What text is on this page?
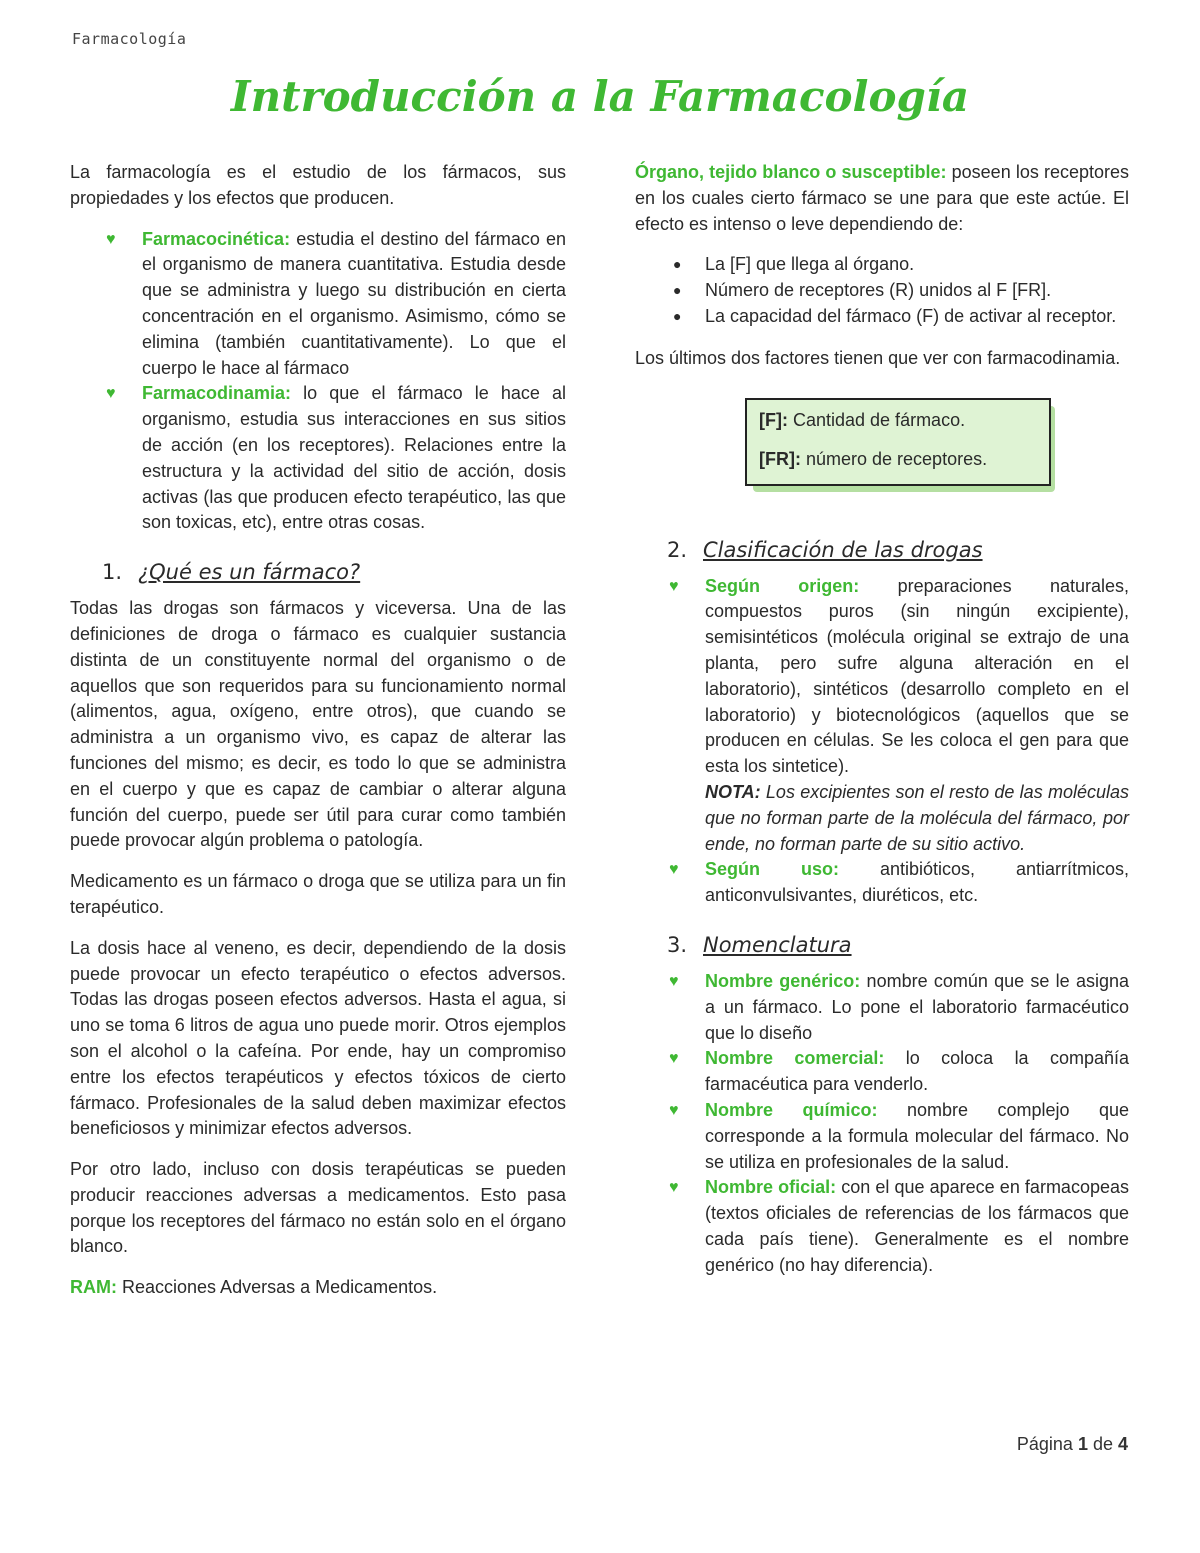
Farmacología
Introducción a la Farmacología

La farmacología es el estudio de los fármacos, sus propiedades y los efectos que producen.

♥ Farmacocinética: estudia el destino del fármaco en el organismo de manera cuantitativa. Estudia desde que se administra y luego su distribución en cierta concentración en el organismo. Asimismo, cómo se elimina (también cuantitativamente). Lo que el cuerpo le hace al fármaco
♥ Farmacodinamia: lo que el fármaco le hace al organismo, estudia sus interacciones en sus sitios de acción (en los receptores). Relaciones entre la estructura y la actividad del sitio de acción, dosis activas (las que producen efecto terapéutico, las que son toxicas, etc), entre otras cosas.
1. ¿Qué es un fármaco?

Todas las drogas son fármacos y viceversa. Una de las definiciones de droga o fármaco es cualquier sustancia distinta de un constituyente normal del organismo o de aquellos que son requeridos para su funcionamiento normal (alimentos, agua, oxígeno, entre otros), que cuando se administra a un organismo vivo, es capaz de alterar las funciones del mismo; es decir, es todo lo que se administra en el cuerpo y que es capaz de cambiar o alterar alguna función del cuerpo, puede ser útil para curar como también puede provocar algún problema o patología.

Medicamento es un fármaco o droga que se utiliza para un fin terapéutico.

La dosis hace al veneno, es decir, dependiendo de la dosis puede provocar un efecto terapéutico o efectos adversos. Todas las drogas poseen efectos adversos. Hasta el agua, si uno se toma 6 litros de agua uno puede morir. Otros ejemplos son el alcohol o la cafeína. Por ende, hay un compromiso entre los efectos terapéuticos y efectos tóxicos de cierto fármaco. Profesionales de la salud deben maximizar efectos beneficiosos y minimizar efectos adversos.

Por otro lado, incluso con dosis terapéuticas se pueden producir reacciones adversas a medicamentos. Esto pasa porque los receptores del fármaco no están solo en el órgano blanco.

RAM: Reacciones Adversas a Medicamentos.

Órgano, tejido blanco o susceptible: poseen los receptores en los cuales cierto fármaco se une para que este actúe. El efecto es intenso o leve dependiendo de:

● La [F] que llega al órgano.
● Número de receptores (R) unidos al F [FR].
● La capacidad del fármaco (F) de activar al receptor.

Los últimos dos factores tienen que ver con farmacodinamia.

[F]: Cantidad de fármaco.
[FR]: número de receptores.
2. Clasificación de las drogas
♥ Según origen: preparaciones naturales, compuestos puros (sin ningún excipiente), semisintéticos (molécula original se extrajo de una planta, pero sufre alguna alteración en el laboratorio), sintéticos (desarrollo completo en el laboratorio) y biotecnológicos (aquellos que se producen en células. Se les coloca el gen para que esta los sintetice).
NOTA: Los excipientes son el resto de las moléculas que no forman parte de la molécula del fármaco, por ende, no forman parte de su sitio activo.
♥ Según uso: antibióticos, antiarrítmicos, anticonvulsivantes, diuréticos, etc.
3. Nomenclatura
♥ Nombre genérico: nombre común que se le asigna a un fármaco. Lo pone el laboratorio farmacéutico que lo diseño
♥ Nombre comercial: lo coloca la compañía farmacéutica para venderlo.
♥ Nombre químico: nombre complejo que corresponde a la formula molecular del fármaco. No se utiliza en profesionales de la salud.
♥ Nombre oficial: con el que aparece en farmacopeas (textos oficiales de referencias de los fármacos que cada país tiene). Generalmente es el nombre genérico (no hay diferencia).
Página 1 de 4
